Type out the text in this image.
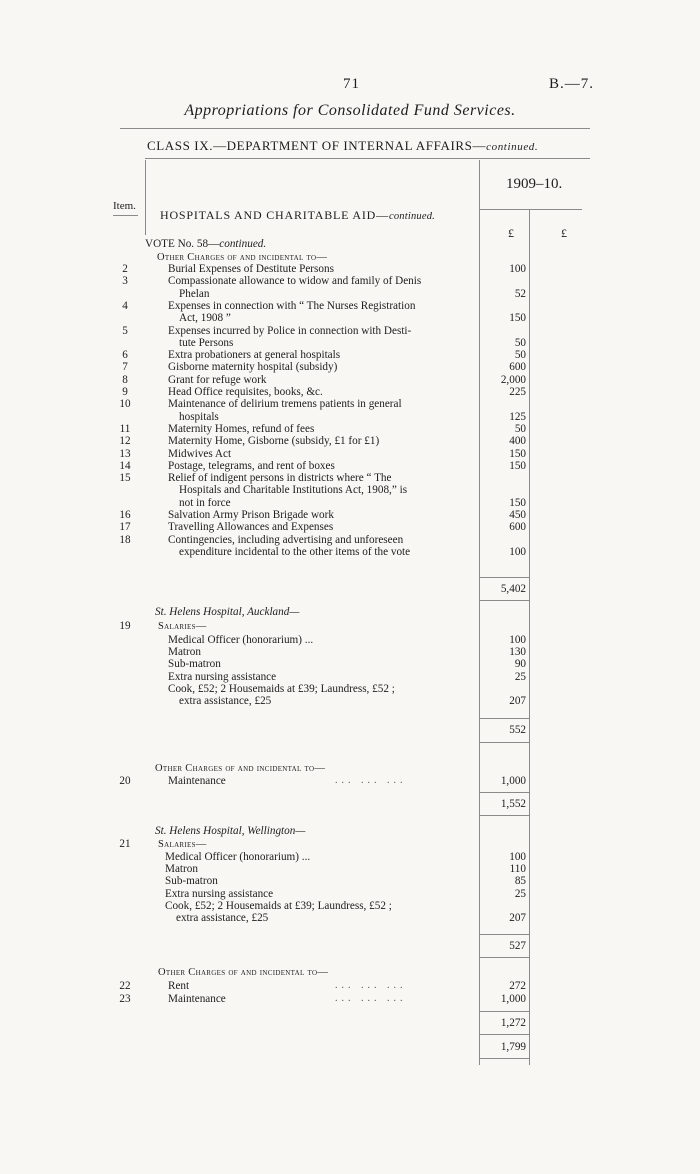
71	B.—7.
Appropriations for Consolidated Fund Services.
CLASS IX.—DEPARTMENT OF INTERNAL AFFAIRS—continued.
1909–10.
Item.
£	£
HOSPITALS AND CHARITABLE AID—continued.
VOTE No. 58—continued.
Other Charges of and incidental to—
2	Burial Expenses of Destitute Persons	100
3	Compassionate allowance to widow and family of Denis
Phelan	52
4	Expenses in connection with “ The Nurses Registration
Act, 1908 ”	150
5	Expenses incurred by Police in connection with Desti-
tute Persons	50
6	Extra probationers at general hospitals	50
7	Gisborne maternity hospital (subsidy)	600
8	Grant for refuge work	2,000
9	Head Office requisites, books, &c.	225
10	Maintenance of delirium tremens patients in general
hospitals	125
11	Maternity Homes, refund of fees	50
12	Maternity Home, Gisborne (subsidy, £1 for £1)	400
13	Midwives Act	150
14	Postage, telegrams, and rent of boxes	150
15	Relief of indigent persons in districts where “ The
Hospitals and Charitable Institutions Act, 1908,” is
not in force	150
16	Salvation Army Prison Brigade work	450
17	Travelling Allowances and Expenses	600
18	Contingencies, including advertising and unforeseen
expenditure incidental to the other items of the vote	100
5,402
St. Helens Hospital, Auckland—
19	Salaries—
Medical Officer (honorarium) ...	100
Matron	130
Sub-matron	90
Extra nursing assistance	25
Cook, £52; 2 Housemaids at £39; Laundress, £52 ;
extra assistance, £25	207
552
Other Charges of and incidental to—
20	Maintenance	... ... ...	1,000
1,552
St. Helens Hospital, Wellington—
21	Salaries—
Medical Officer (honorarium) ...	100
Matron	110
Sub-matron	85
Extra nursing assistance	25
Cook, £52; 2 Housemaids at £39; Laundress, £52 ;
extra assistance, £25	207
527
Other Charges of and incidental to—
22	Rent	... ... ...	272
23	Maintenance	... ... ...	1,000
1,272
1,799
